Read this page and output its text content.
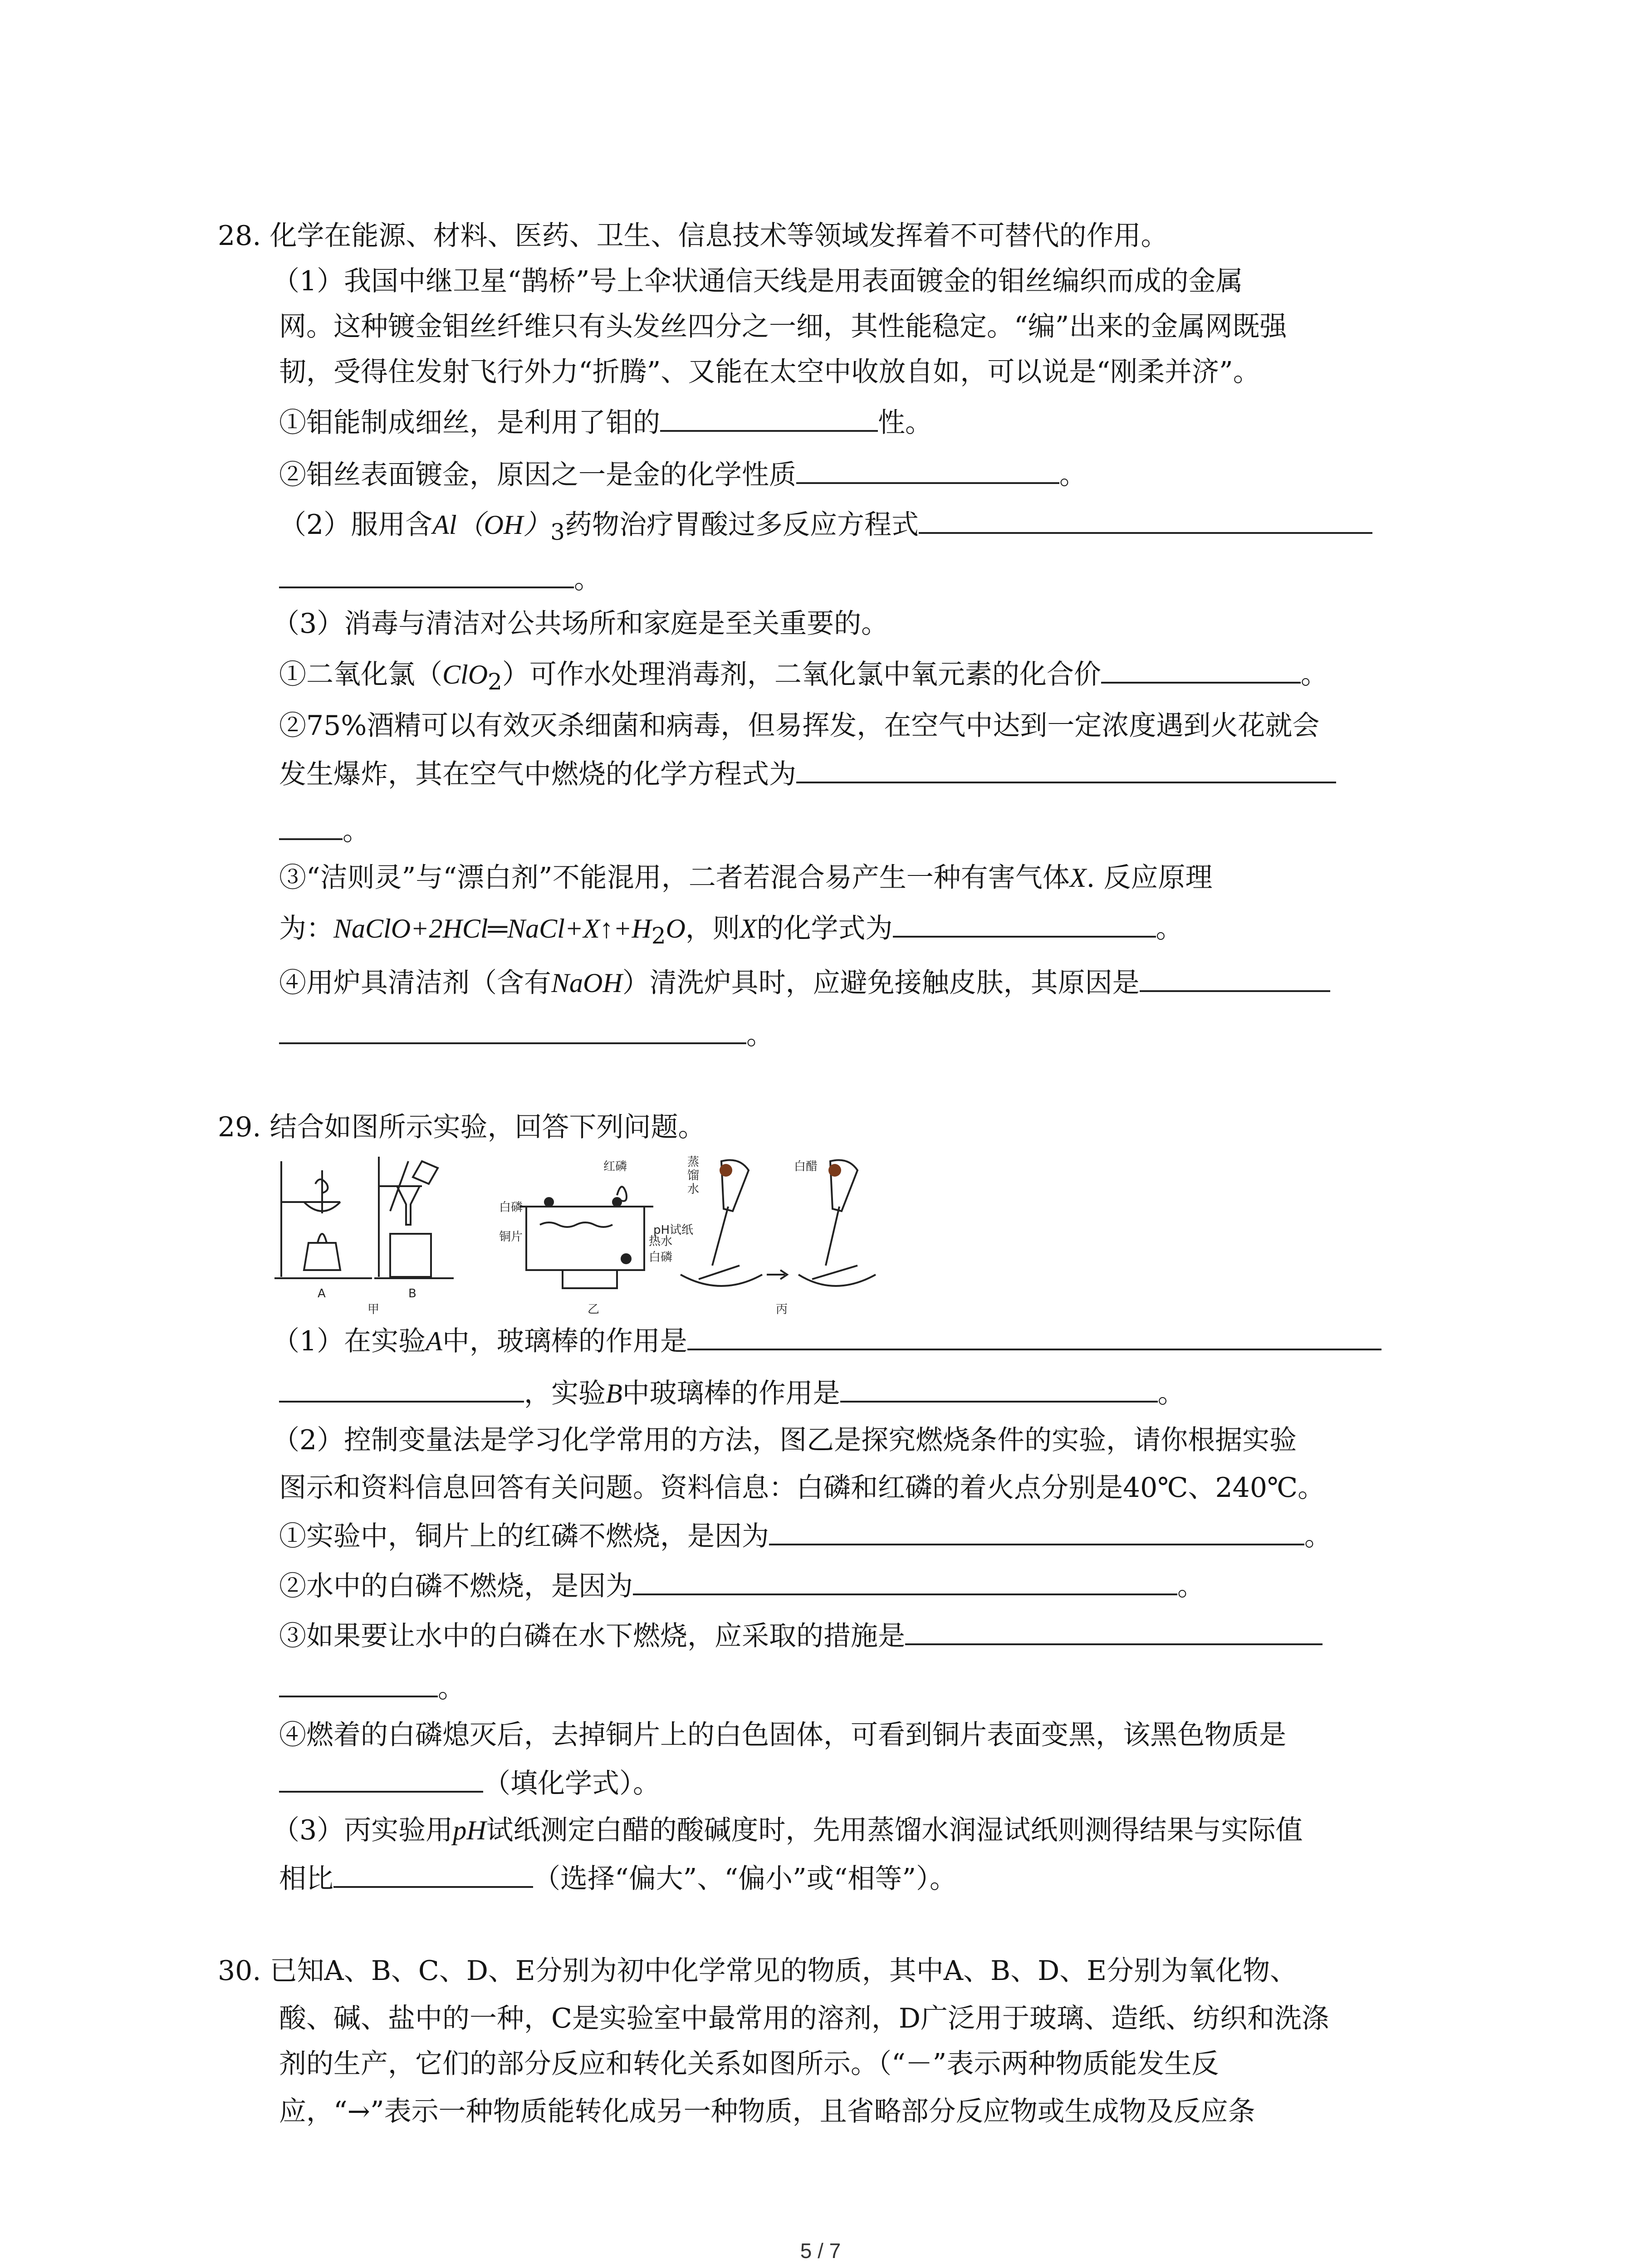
28. 化学在能源、材料、医药、卫生、信息技术等领域发挥着不可替代的作用。
（1）我国中继卫星“鹊桥”号上伞状通信天线是用表面镀金的钼丝编织而成的金属
网。这种镀金钼丝纤维只有头发丝四分之一细，其性能稳定。“编”出来的金属网既强
韧，受得住发射飞行外力“折腾”、又能在太空中收放自如，可以说是“刚柔并济”。
①钼能制成细丝，是利用了钼的	性。
②钼丝表面镀金，原因之一是金的化学性质	。
（2）服用含$Al(OH)_3$药物治疗胃酸过多反应方程式
。
（3）消毒与清洁对公共场所和家庭是至关重要的。
①二氧化氯（ClO$_2$）可作水处理消毒剂，二氧化氯中氧元素的化合价	。
②75%酒精可以有效灭杀细菌和病毒，但易挥发，在空气中达到一定浓度遇到火花就会
发生爆炸，其在空气中燃烧的化学方程式为
。
③“洁则灵”与“漂白剂”不能混用，二者若混合易产生一种有害气体X. 反应原理
为：$NaClO+2HCl═NaCl+X↑+H_2O$，则X的化学式为	。
④用炉具清洁剂（含有NaOH）清洗炉具时，应避免接触皮肤，其原因是
。
29. 结合如图所示实验，回答下列问题。
A	B
甲	乙	丙
红磷
白磷
铜片	热水
白磷
蒸
馏
水
pH试纸
白醋
（1）在实验A中，玻璃棒的作用是
，实验B中玻璃棒的作用是	。
（2）控制变量法是学习化学常用的方法，图乙是探究燃烧条件的实验，请你根据实验
图示和资料信息回答有关问题。资料信息：白磷和红磷的着火点分别是40℃、240℃。
①实验中，铜片上的红磷不燃烧，是因为	。
②水中的白磷不燃烧，是因为	。
③如果要让水中的白磷在水下燃烧，应采取的措施是
。
④燃着的白磷熄灭后，去掉铜片上的白色固体，可看到铜片表面变黑，该黑色物质是
（填化学式）。
（3）丙实验用pH试纸测定白醋的酸碱度时，先用蒸馏水润湿试纸则测得结果与实际值
相比	（选择“偏大”、“偏小”或“相等”）。
30. 已知A、B、C、D、E分别为初中化学常见的物质，其中A、B、D、E分别为氧化物、
酸、碱、盐中的一种，C是实验室中最常用的溶剂，D广泛用于玻璃、造纸、纺织和洗涤
剂的生产，它们的部分反应和转化关系如图所示。（“－”表示两种物质能发生反
应，“→”表示一种物质能转化成另一种物质，且省略部分反应物或生成物及反应条
5 / 7
